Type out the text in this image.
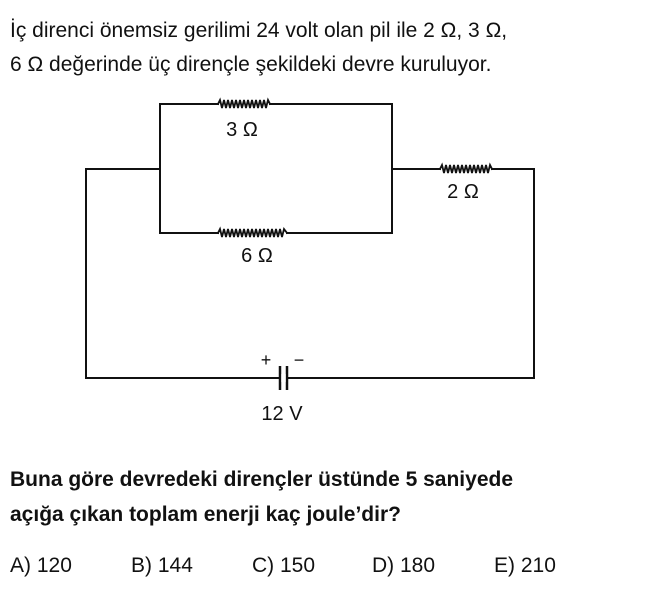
İç direnci önemsiz gerilimi 24 volt olan pil ile 2 Ω, 3 Ω,

6 Ω değerinde üç dirençle şekildeki devre kuruluyor.

3 Ω
6 Ω
2 Ω
+ −
12 V

Buna göre devredeki dirençler üstünde 5 saniyede

açığa çıkan toplam enerji kaç joule’dir?

A) 120	B) 144	C) 150	D) 180	E) 210
